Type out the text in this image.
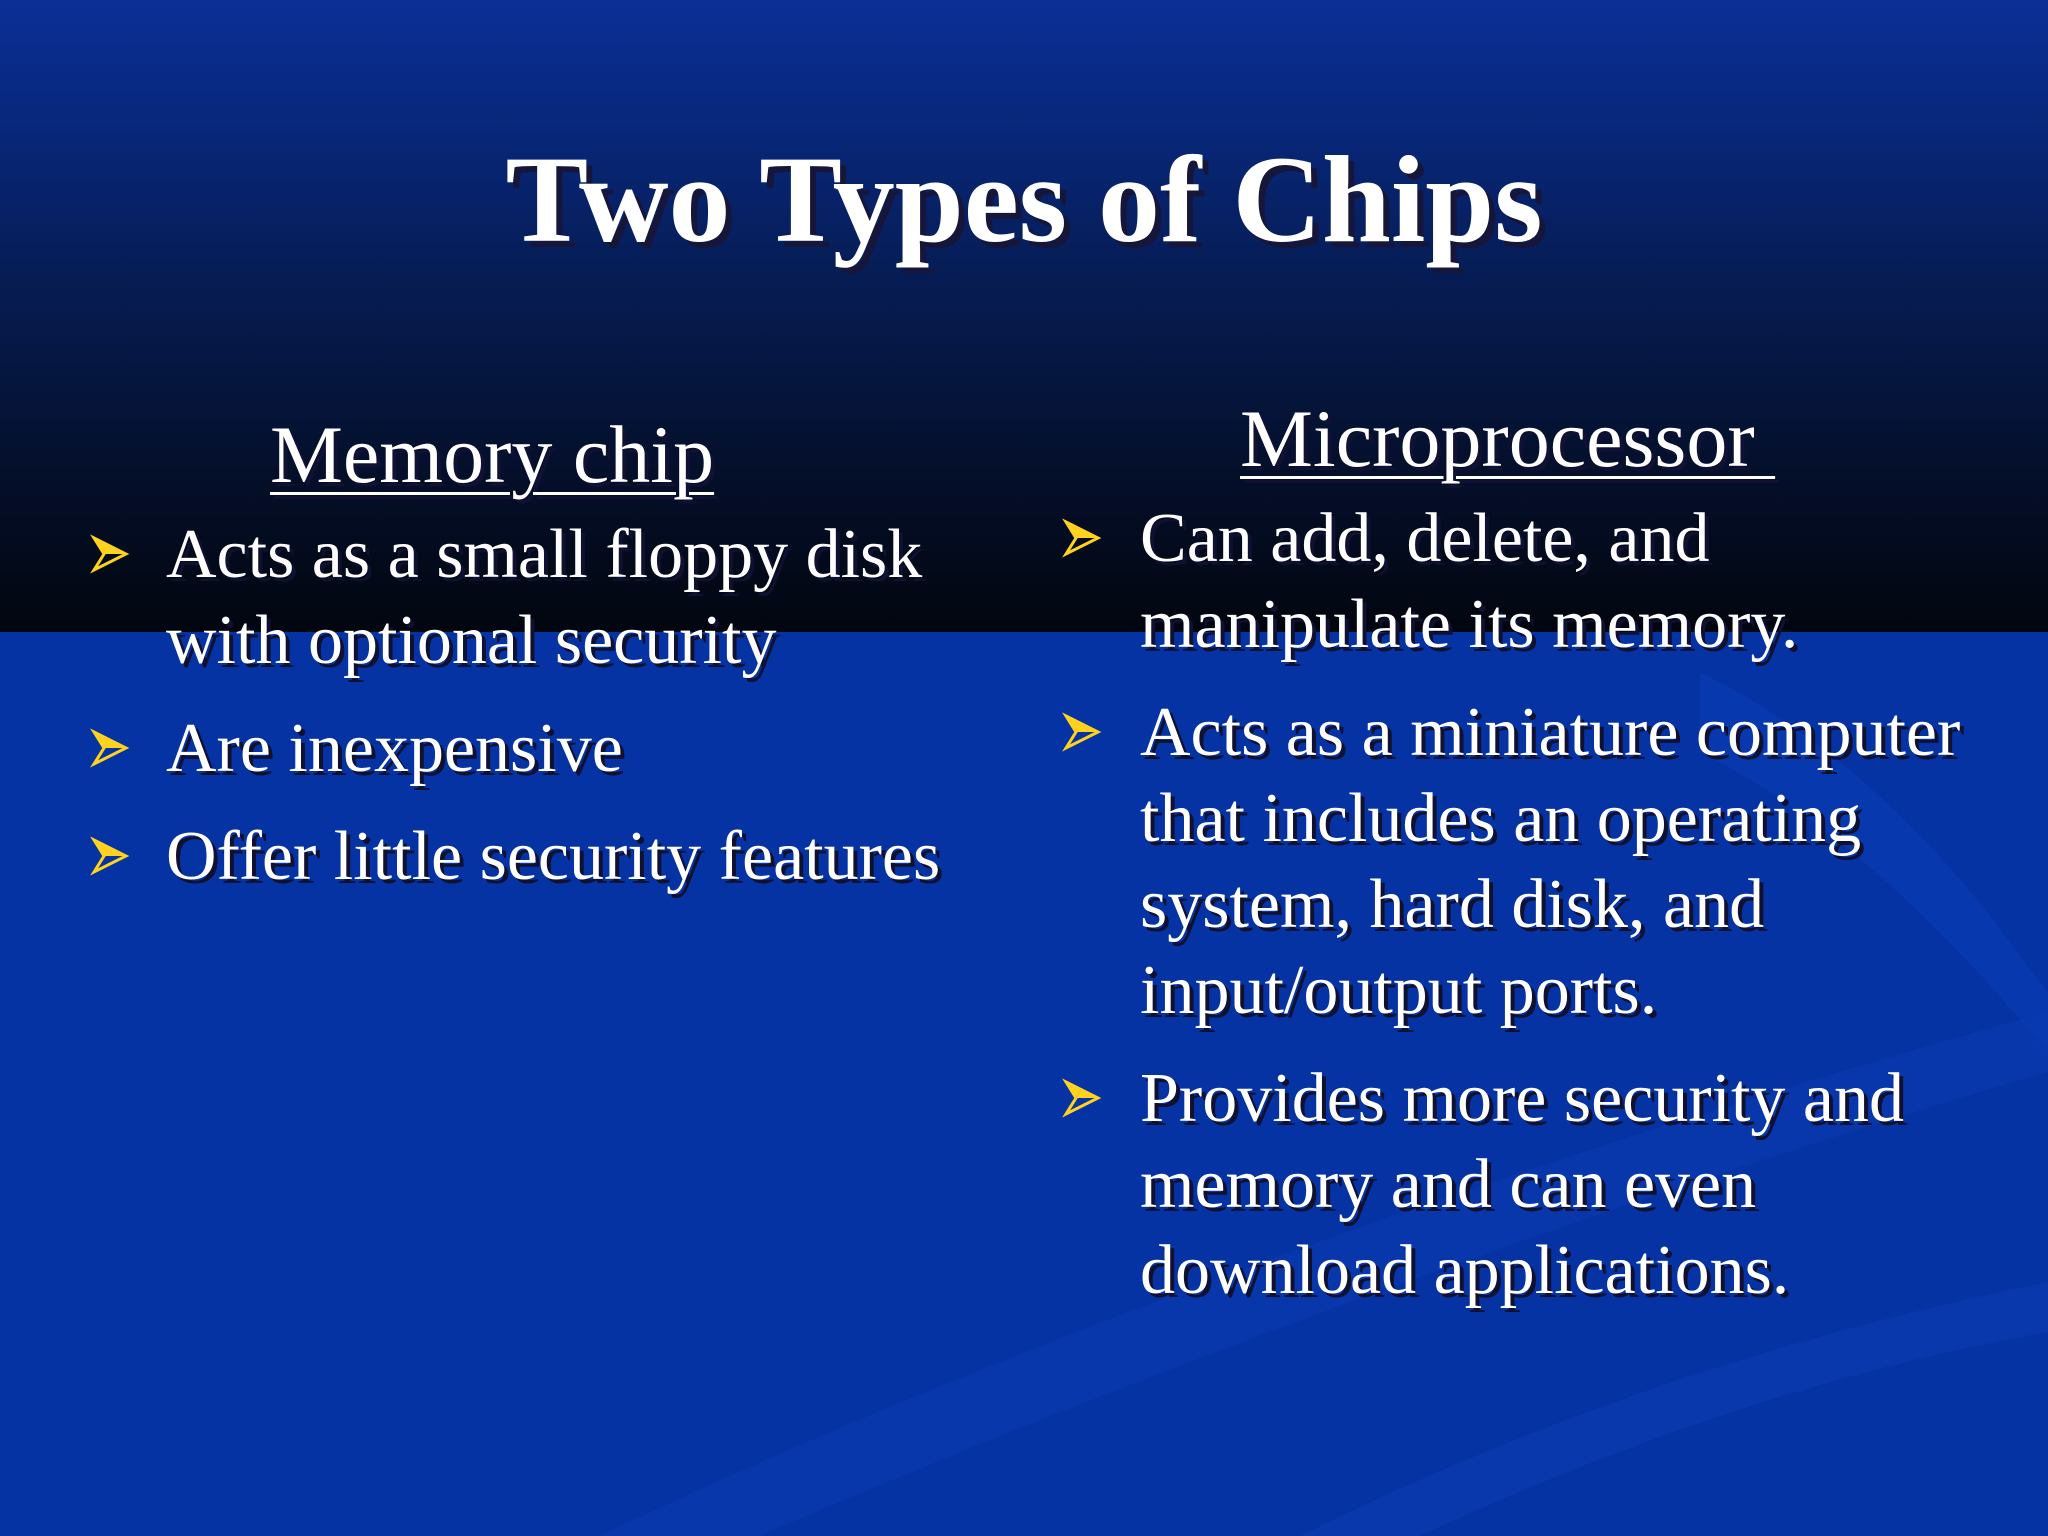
Two Types of Chips
Memory chip
Acts as a small floppy disk with optional security
Are inexpensive
Offer little security features
Microprocessor
Can add, delete, and manipulate its memory.
Acts as a miniature computer that includes an operating system, hard disk, and input/output ports.
Provides more security and memory and can even download applications.
